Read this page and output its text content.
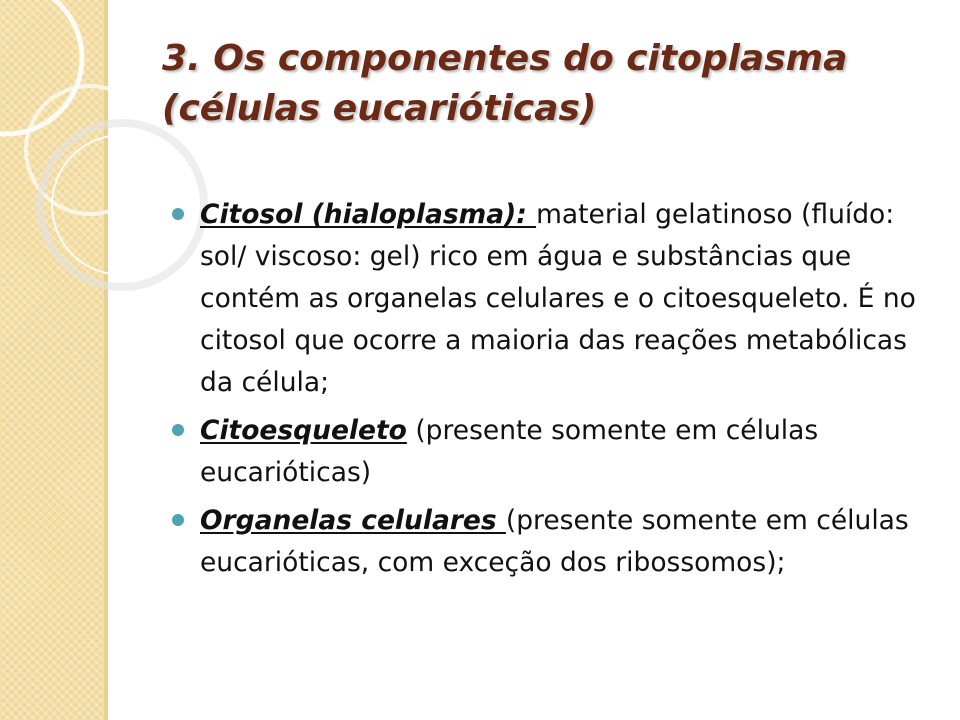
3. Os componentes do citoplasma (células eucarióticas)
Citosol (hialoplasma): material gelatinoso (fluído: sol/ viscoso: gel) rico em água e substâncias que contém as organelas celulares e o citoesqueleto. É no citosol que ocorre a maioria das reações metabólicas da célula;
Citoesqueleto (presente somente em células eucarióticas)
Organelas celulares (presente somente em células eucarióticas, com exceção dos ribossomos);
